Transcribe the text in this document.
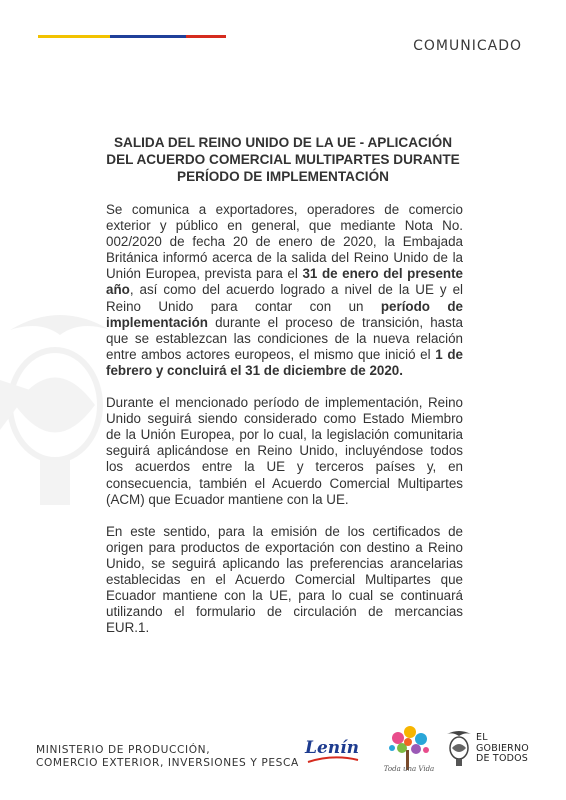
COMUNICADO
SALIDA DEL REINO UNIDO DE LA UE - APLICACIÓN
DEL ACUERDO COMERCIAL MULTIPARTES DURANTE
PERÍODO DE IMPLEMENTACIÓN

Se comunica a exportadores, operadores de comercio exterior y público en general, que mediante Nota No. 002/2020 de fecha 20 de enero de 2020, la Embajada Británica informó acerca de la salida del Reino Unido de la Unión Europea, prevista para el 31 de enero del presente año, así como del acuerdo logrado a nivel de la UE y el Reino Unido para contar con un período de implementación durante el proceso de transición, hasta que se establezcan las condiciones de la nueva relación entre ambos actores europeos, el mismo que inició el 1 de febrero y concluirá el 31 de diciembre de 2020.

Durante el mencionado período de implementación, Reino Unido seguirá siendo considerado como Estado Miembro de la Unión Europea, por lo cual, la legislación comunitaria seguirá aplicándose en Reino Unido, incluyéndose todos los acuerdos entre la UE y terceros países y, en consecuencia, también el Acuerdo Comercial Multipartes (ACM) que Ecuador mantiene con la UE.

En este sentido, para la emisión de los certificados de origen para productos de exportación con destino a Reino Unido, se seguirá aplicando las preferencias arancelarias establecidas en el Acuerdo Comercial Multipartes que Ecuador mantiene con la UE, para lo cual se continuará utilizando el formulario de circulación de mercancias EUR.1.

MINISTERIO DE PRODUCCIÓN,
COMERCIO EXTERIOR, INVERSIONES Y PESCA
Lenín
Toda una Vida
EL
GOBIERNO
DE TODOS
